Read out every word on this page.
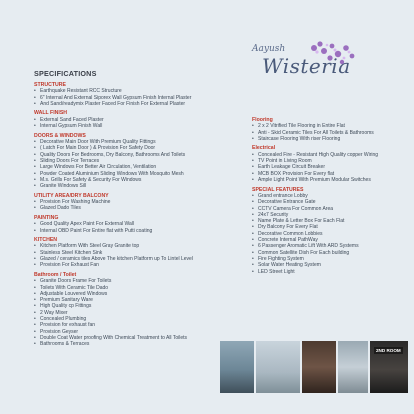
Aayush
Wisteria
SPECIFICATIONS
STRUCTURE
• Earthquake Resistant RCC Structure
• 6" Internal And External Siporex Wall Gypsum Finish Internal Plaster
• And Sand/readymix Plaster Faced For Finish For External Plaster
WALL FINISH
• External Sand Faced Plaster
• Internal Gypsum Finish Wall
DOORS & WINDOWS
• Decorative Main Door With Premium Quality Fittings
• ( Latch For Main Door ) & Provision For Safety Door
• Quality Doors For Bedrooms, Dry Balcony, Bathrooms And Toilets
• Sliding Doors For Terraces
• Large Windows For Better Air Circulation, Ventilation
• Powder Coated Aluminium Sliding Windows With Mosquito Mesh
• M.s. Grills For Safety & Security For Windows
• Granite Windows Sill
UTILITY AREA/DRY BALCONY
• Provision For Washing Machine
• Glazed Dado Tiles
PAINTING
• Good Quality Apex Paint For External Wall
• Internal OBD Paint For Entire flat with Putti coating
KITCHEN
• Kitchen Platform With Steel Gray Granite top
• Stainless Steel Kitchen Sink
• Glazed / ceramics tiles Above The kitchen Platform up To Lintel Level
• Provision For Exhaust Fan
Bathroom / Toilet
• Granite Doors Frame For Toilets
• Toilets With Ceramic Tile Dado
• Adjustable Louvered Windows
• Premium Sanitary Ware
• High Quality cp Fittings
• 2 Way Mixer
• Concealed Plumbing
• Provision for exhaust fan
• Provision Geyser
• Double Coat Water proofing With Chemical Treatment to All Toilets
• Bathrooms & Terraces
Flooring
• 2 x 2 Vitrified Tile Flooring in Entire Flat
• Anti - Skid Ceramic Tiles For All Toilets & Bathrooms
• Staircase Flooring With riser Flooring
Electrical
• Concealed Fire - Resistant High Quality copper Wiring
• TV Point in Living Room
• Earth Leakage Circuit Breaker
• MCB BOX Provision For Every flat
• Ample Light Point With Premium Modular Switches
SPECIAL FEATURES
• Grand entrance Lobby
• Decorative Entrance Gate
• CCTV Camera For Common Area
• 24x7 Security
• Name Plate & Letter Box For Each Flat
• Dry Balcony For Every Flat
• Decorative Common Lobbies
• Concrete Internal PathWay
• 6 Passenger Aromatic Lift With ARD Systems
• Common Satellite Dish For Each building
• Fire Fighting System
• Solar Water Heating System
• LED Street Light
2ND ROOM
